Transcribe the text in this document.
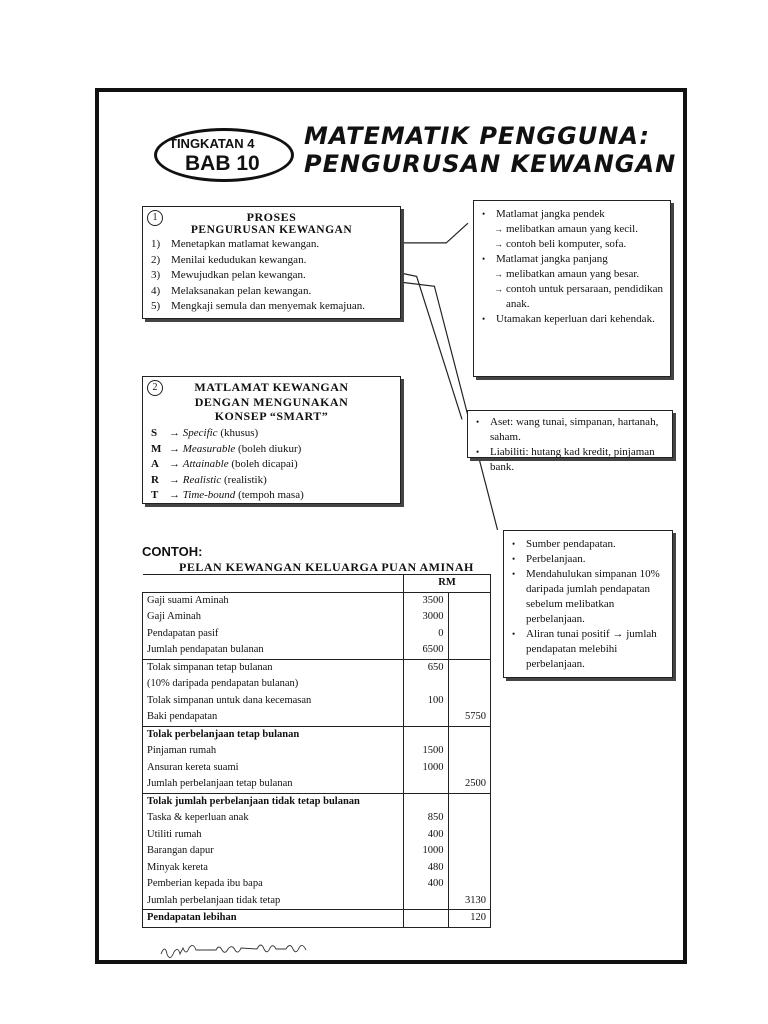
TINGKATAN 4
BAB 10
MATEMATIK PENGGUNA:
PENGURUSAN KEWANGAN
1	PROSES
PENGURUSAN KEWANGAN
1) Menetapkan matlamat kewangan.
2) Menilai kedudukan kewangan.
3) Mewujudkan pelan kewangan.
4) Melaksanakan pelan kewangan.
5) Mengkaji semula dan menyemak kemajuan.
2	MATLAMAT KEWANGAN
DENGAN MENGUNAKAN
KONSEP “SMART”
S → Specific (khusus)
M → Measurable (boleh diukur)
A → Attainable (boleh dicapai)
R → Realistic (realistik)
T → Time-bound (tempoh masa)
• Matlamat jangka pendek
→ melibatkan amaun yang kecil.
→ contoh beli komputer, sofa.
• Matlamat jangka panjang
→ melibatkan amaun yang besar.
→ contoh untuk persaraan, pendidikan anak.
• Utamakan keperluan dari kehendak.
• Aset: wang tunai, simpanan, hartanah, saham.
• Liabiliti: hutang kad kredit, pinjaman bank.
• Sumber pendapatan.
• Perbelanjaan.
• Mendahulukan simpanan 10% daripada jumlah pendapatan sebelum melibatkan perbelanjaan.
• Aliran tunai positif → jumlah pendapatan melebihi perbelanjaan.
CONTOH:
PELAN KEWANGAN KELUARGA PUAN AMINAH
	RM	
Gaji suami Aminah	3500	
Gaji Aminah	3000	
Pendapatan pasif	0	
Jumlah pendapatan bulanan	6500	
Tolak simpanan tetap bulanan	650	
(10% daripada pendapatan bulanan)		
Tolak simpanan untuk dana kecemasan	100	
Baki pendapatan		5750
Tolak perbelanjaan tetap bulanan		
Pinjaman rumah	1500	
Ansuran kereta suami	1000	
Jumlah perbelanjaan tetap bulanan		2500
Tolak jumlah perbelanjaan tidak tetap bulanan		
Taska & keperluan anak	850	
Utiliti rumah	400	
Barangan dapur	1000	
Minyak kereta	480	
Pemberian kepada ibu bapa	400	
Jumlah perbelanjaan tidak tetap		3130
Pendapatan lebihan		120
